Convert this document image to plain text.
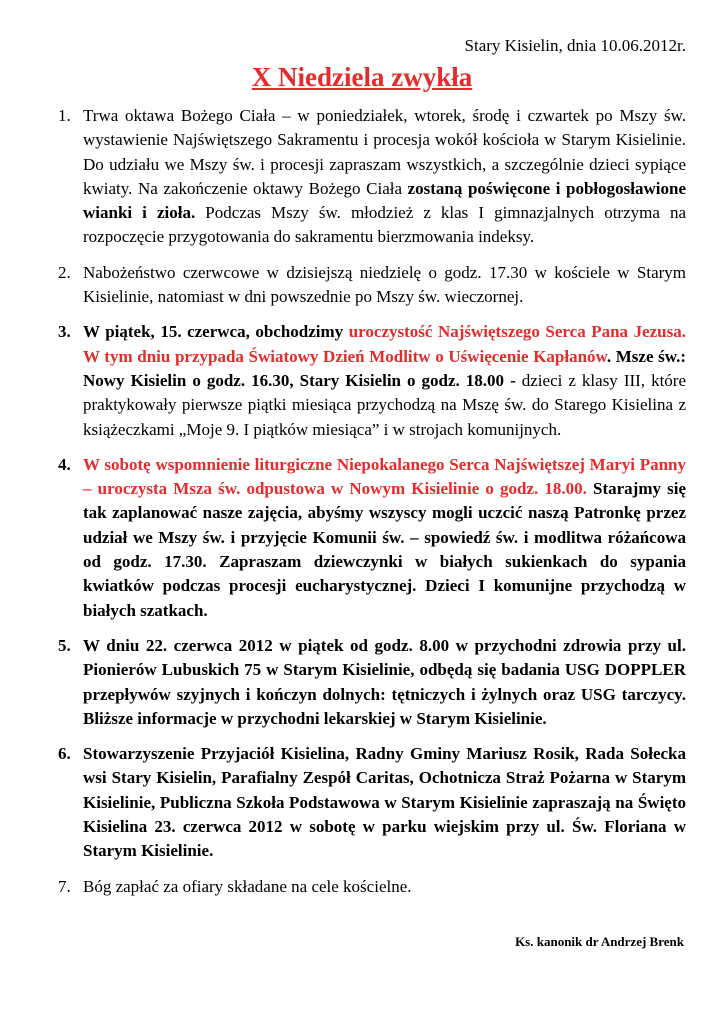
Stary Kisielin, dnia 10.06.2012r.
X Niedziela zwykła
1. Trwa oktawa Bożego Ciała – w poniedziałek, wtorek, środę i czwartek po Mszy św. wystawienie Najświętszego Sakramentu i procesja wokół kościoła w Starym Kisielinie. Do udziału we Mszy św. i procesji zapraszam wszystkich, a szczególnie dzieci sypiące kwiaty. Na zakończenie oktawy Bożego Ciała zostaną poświęcone i pobłogosławione wianki i zioła. Podczas Mszy św. młodzież z klas I gimnazjalnych otrzyma na rozpoczęcie przygotowania do sakramentu bierzmowania indeksy.
2. Nabożeństwo czerwcowe w dzisiejszą niedzielę o godz. 17.30 w kościele w Starym Kisielinie, natomiast w dni powszednie po Mszy św. wieczornej.
3. W piątek, 15. czerwca, obchodzimy uroczystość Najświętszego Serca Pana Jezusa. W tym dniu przypada Światowy Dzień Modlitw o Uświęcenie Kapłanów. Msze św.: Nowy Kisielin o godz. 16.30, Stary Kisielin o godz. 18.00 - dzieci z klasy III, które praktykowały pierwsze piątki miesiąca przychodzą na Mszę św. do Starego Kisielina z książeczkami „Moje 9. I piątków miesiąca” i w strojach komunijnych.
4. W sobotę wspomnienie liturgiczne Niepokalanego Serca Najświętszej Maryi Panny – uroczysta Msza św. odpustowa w Nowym Kisielinie o godz. 18.00. Starajmy się tak zaplanować nasze zajęcia, abyśmy wszyscy mogli uczcić naszą Patronkę przez udział we Mszy św. i przyjęcie Komunii św. – spowiedź św. i modlitwa różańcowa od godz. 17.30. Zapraszam dziewczynki w białych sukienkach do sypania kwiatków podczas procesji eucharystycznej. Dzieci I komunijne przychodzą w białych szatkach.
5. W dniu 22. czerwca 2012 w piątek od godz. 8.00 w przychodni zdrowia przy ul. Pionierów Lubuskich 75 w Starym Kisielinie, odbędą się badania USG DOPPLER przepływów szyjnych i kończyn dolnych: tętniczych i żylnych oraz USG tarczycy. Bliższe informacje w przychodni lekarskiej w Starym Kisielinie.
6. Stowarzyszenie Przyjaciół Kisielina, Radny Gminy Mariusz Rosik, Rada Sołecka wsi Stary Kisielin, Parafialny Zespół Caritas, Ochotnicza Straż Pożarna w Starym Kisielinie, Publiczna Szkoła Podstawowa w Starym Kisielinie zapraszają na Święto Kisielina 23. czerwca 2012 w sobotę w parku wiejskim przy ul. Św. Floriana w Starym Kisielinie.
7. Bóg zapłać za ofiary składane na cele kościelne.
Ks. kanonik dr Andrzej Brenk
